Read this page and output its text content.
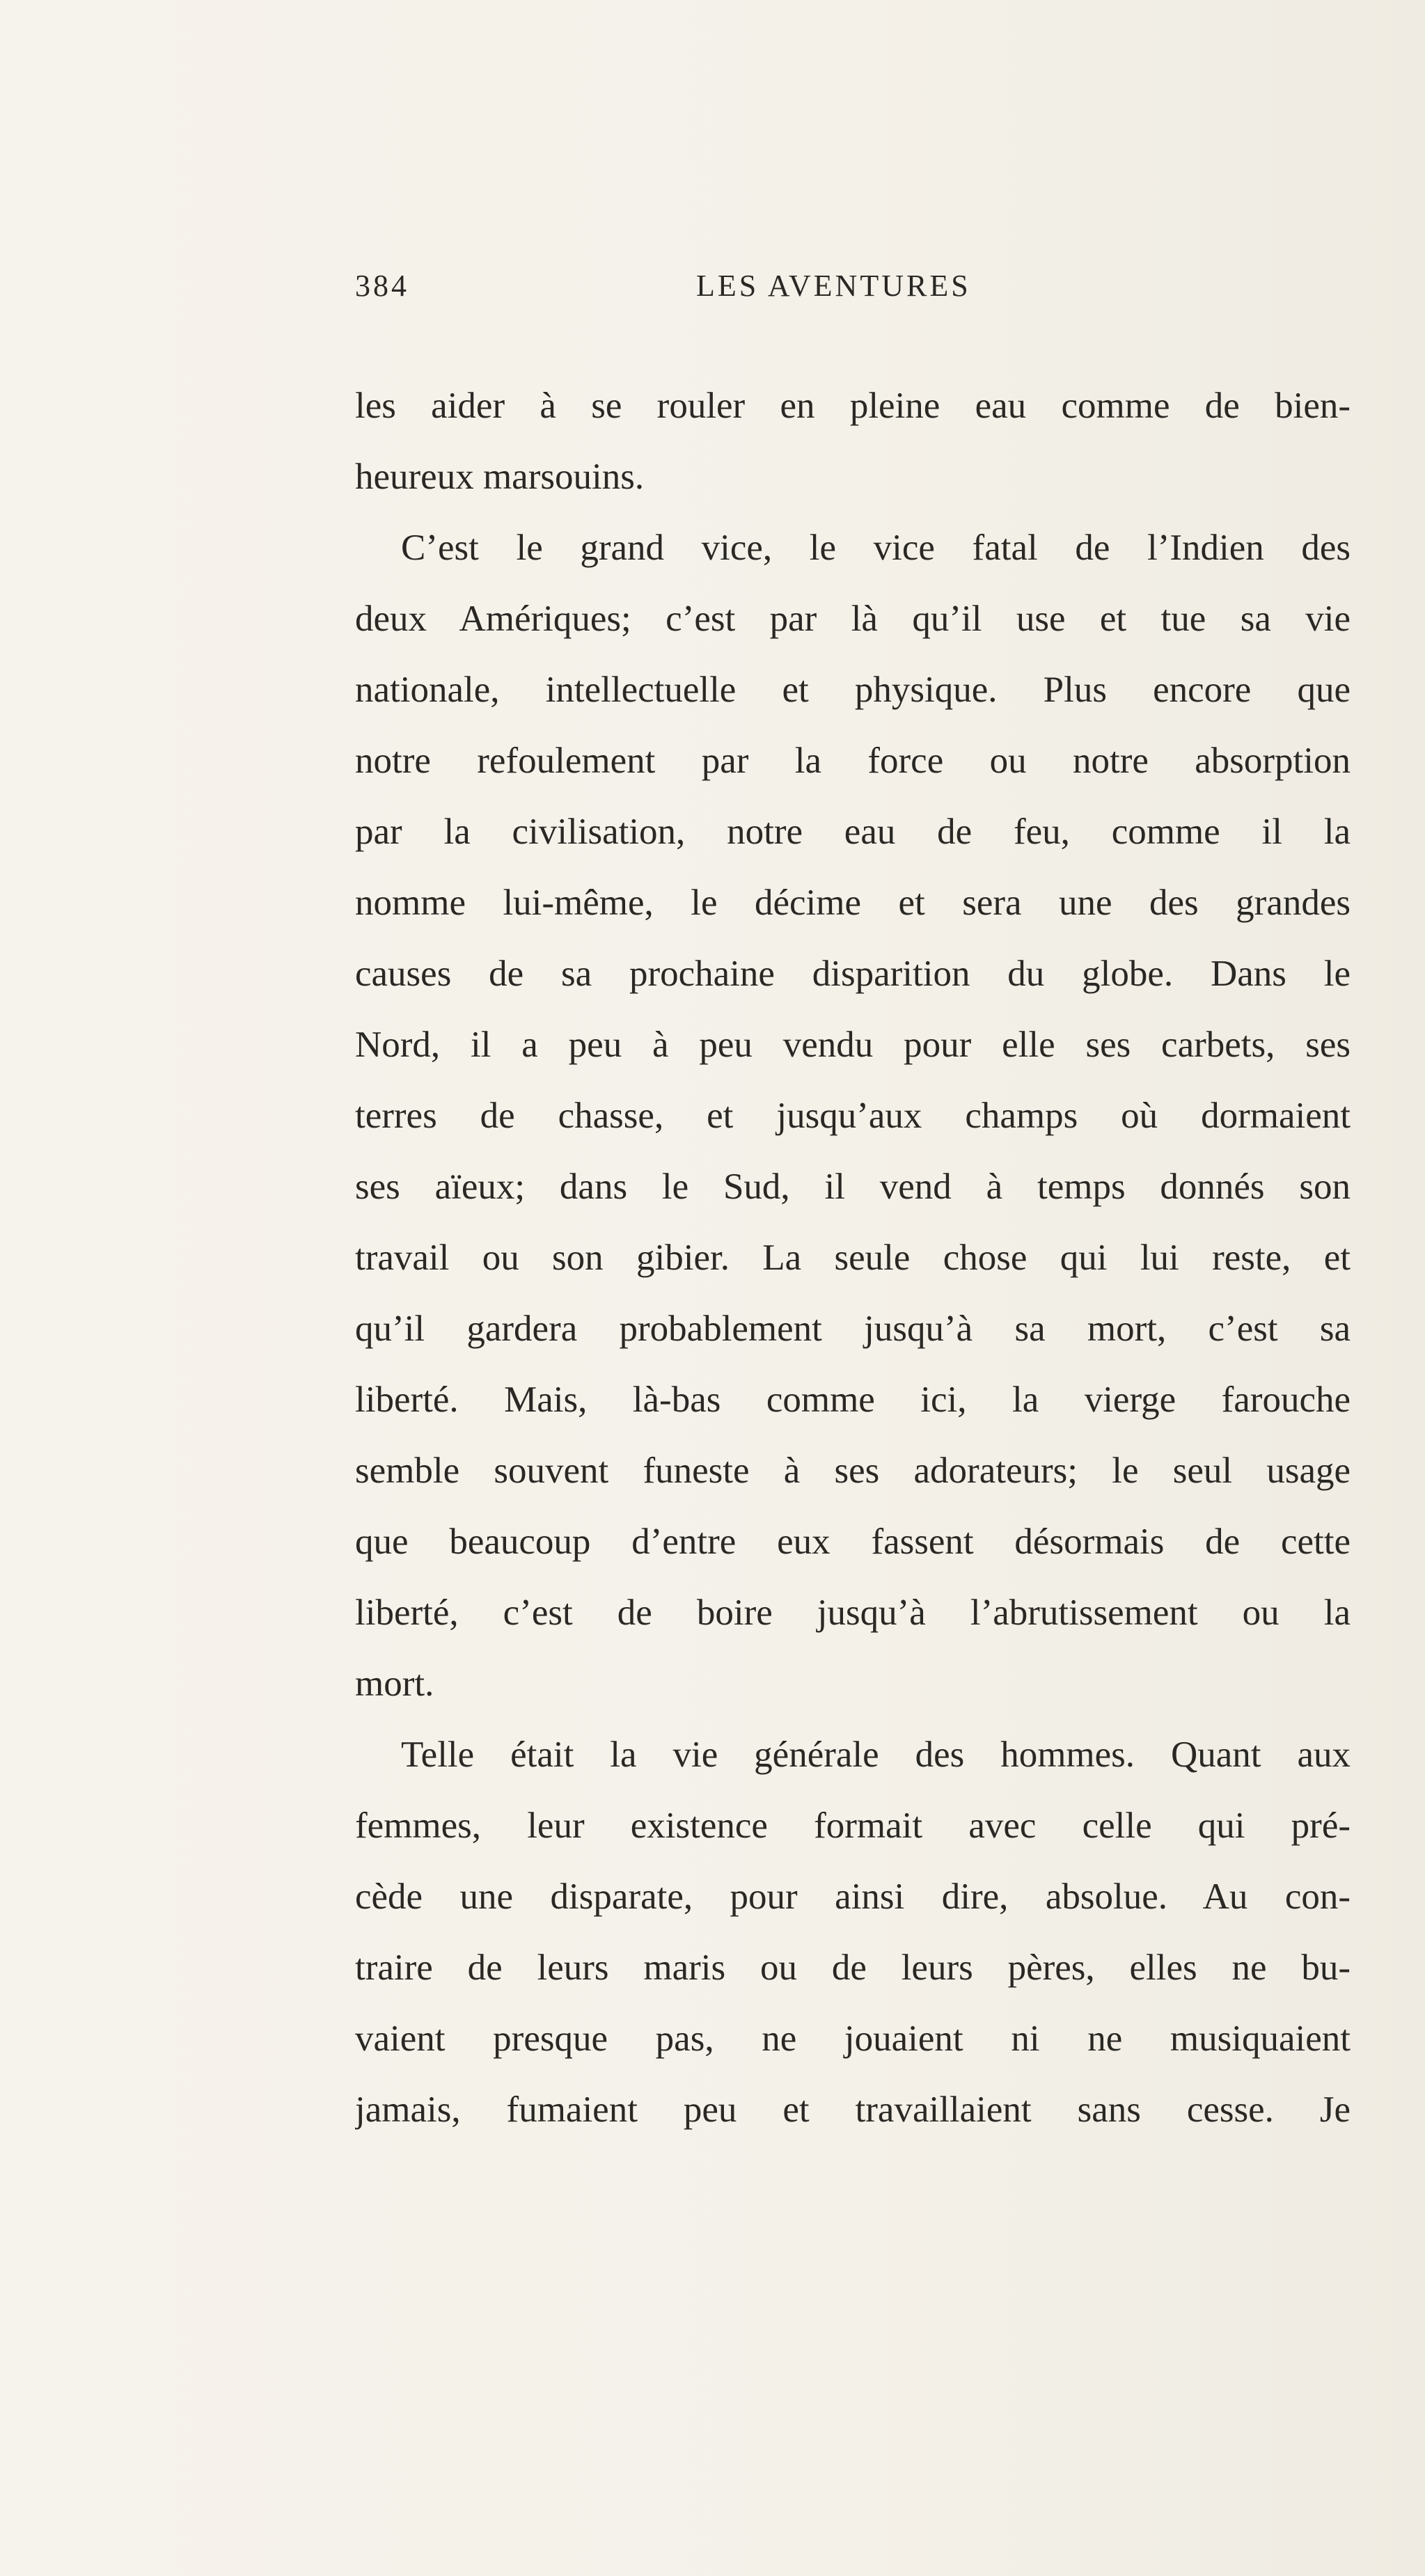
384	LES AVENTURES
les aider à se rouler en pleine eau comme de bien-
heureux marsouins.
C’est le grand vice, le vice fatal de l’Indien des
deux Amériques; c’est par là qu’il use et tue sa vie
nationale, intellectuelle et physique. Plus encore que
notre refoulement par la force ou notre absorption
par la civilisation, notre eau de feu, comme il la
nomme lui-même, le décime et sera une des grandes
causes de sa prochaine disparition du globe. Dans le
Nord, il a peu à peu vendu pour elle ses carbets, ses
terres de chasse, et jusqu’aux champs où dormaient
ses aïeux; dans le Sud, il vend à temps donnés son
travail ou son gibier. La seule chose qui lui reste, et
qu’il gardera probablement jusqu’à sa mort, c’est sa
liberté. Mais, là-bas comme ici, la vierge farouche
semble souvent funeste à ses adorateurs; le seul usage
que beaucoup d’entre eux fassent désormais de cette
liberté, c’est de boire jusqu’à l’abrutissement ou la
mort.
Telle était la vie générale des hommes. Quant aux
femmes, leur existence formait avec celle qui pré-
cède une disparate, pour ainsi dire, absolue. Au con-
traire de leurs maris ou de leurs pères, elles ne bu-
vaient presque pas, ne jouaient ni ne musiquaient
jamais, fumaient peu et travaillaient sans cesse. Je
